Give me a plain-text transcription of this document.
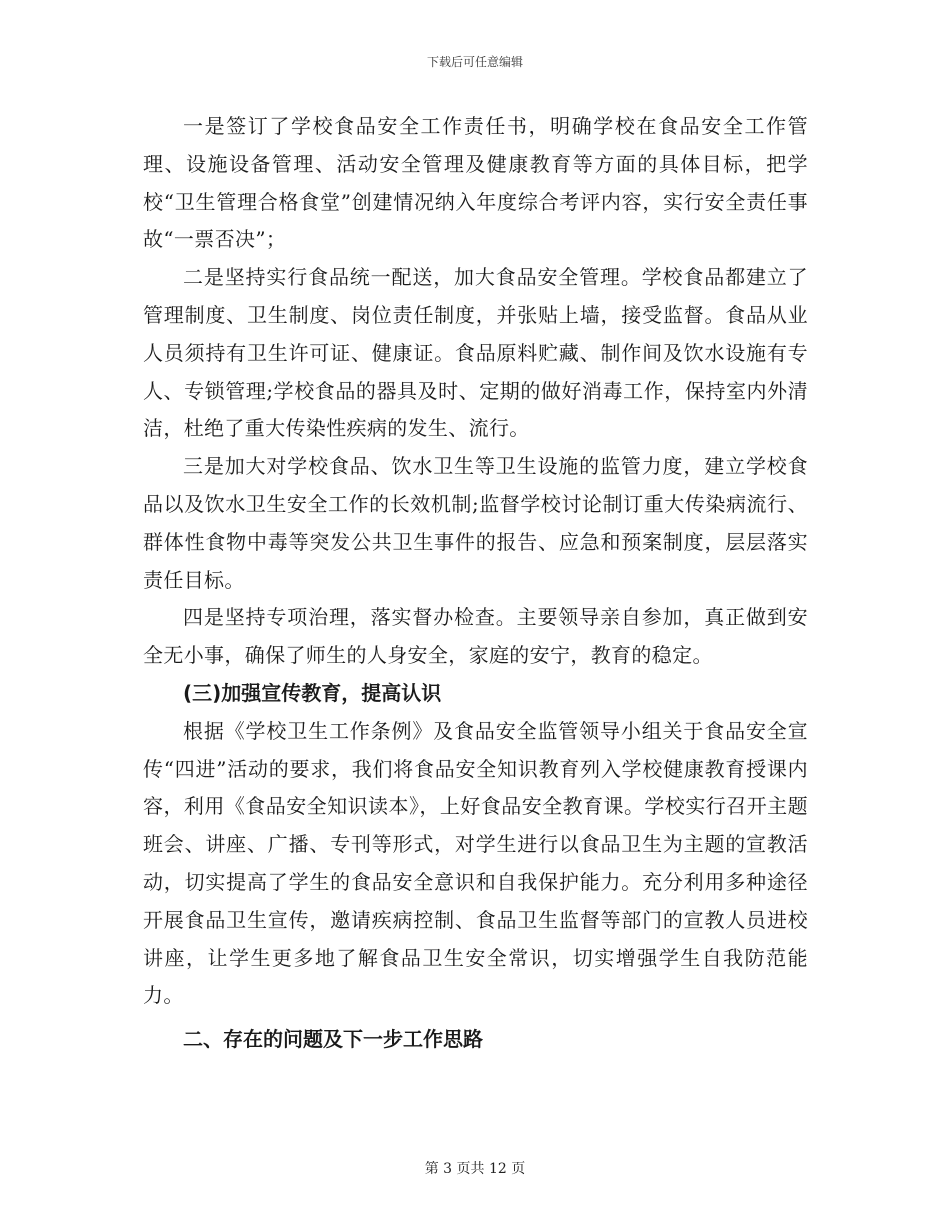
下载后可任意编辑

一是签订了学校食品安全工作责任书，明确学校在食品安全工作管理、设施设备管理、活动安全管理及健康教育等方面的具体目标，把学校“卫生管理合格食堂”创建情况纳入年度综合考评内容，实行安全责任事故“一票否决”；

二是坚持实行食品统一配送，加大食品安全管理。学校食品都建立了管理制度、卫生制度、岗位责任制度，并张贴上墙，接受监督。食品从业人员须持有卫生许可证、健康证。食品原料贮藏、制作间及饮水设施有专人、专锁管理;学校食品的器具及时、定期的做好消毒工作，保持室内外清洁，杜绝了重大传染性疾病的发生、流行。

三是加大对学校食品、饮水卫生等卫生设施的监管力度，建立学校食品以及饮水卫生安全工作的长效机制;监督学校讨论制订重大传染病流行、群体性食物中毒等突发公共卫生事件的报告、应急和预案制度，层层落实责任目标。

四是坚持专项治理，落实督办检查。主要领导亲自参加，真正做到安全无小事，确保了师生的人身安全，家庭的安宁，教育的稳定。

(三)加强宣传教育，提高认识

根据《学校卫生工作条例》及食品安全监管领导小组关于食品安全宣传“四进”活动的要求，我们将食品安全知识教育列入学校健康教育授课内容，利用《食品安全知识读本》，上好食品安全教育课。学校实行召开主题班会、讲座、广播、专刊等形式，对学生进行以食品卫生为主题的宣教活动，切实提高了学生的食品安全意识和自我保护能力。充分利用多种途径开展食品卫生宣传，邀请疾病控制、食品卫生监督等部门的宣教人员进校讲座，让学生更多地了解食品卫生安全常识，切实增强学生自我防范能力。

二、存在的问题及下一步工作思路

第 3 页共 12 页
